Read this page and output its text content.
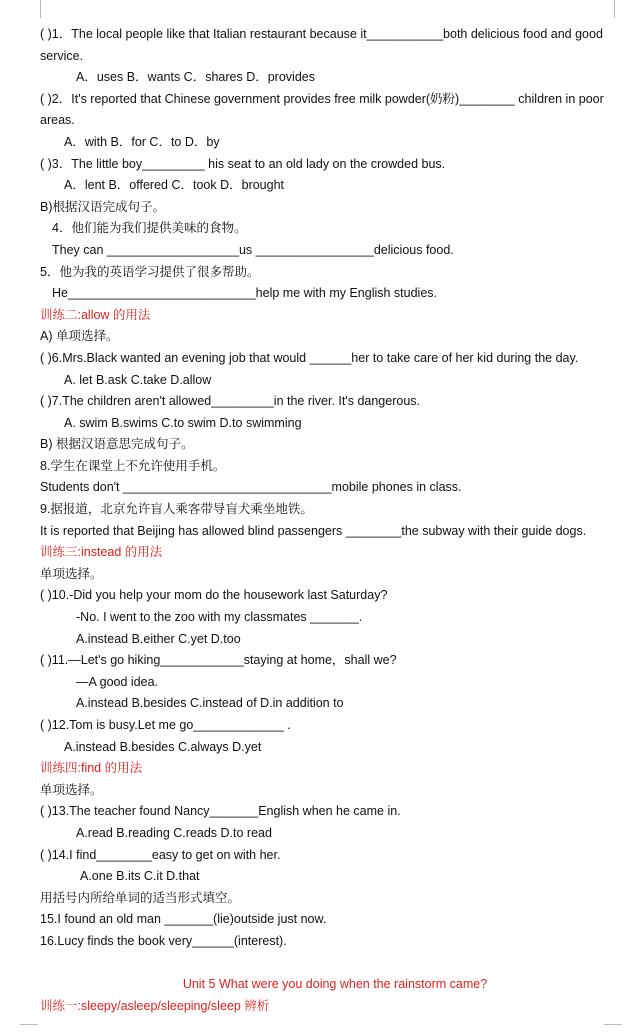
( )1．The local people like that Italian restaurant because it___________both delicious food and good
service.
A．uses B．wants C．shares D．provides
( )2．It's reported that Chinese government provides free milk powder(奶粉)________ children in poor
areas.
A．with B．for C．to D．by
( )3．The little boy_________ his seat to an old lady on the crowded bus.
A．lent B．offered C．took D．brought
B)根据汉语完成句子。
4．他们能为我们提供美味的食物。
They can ___________________us _________________delicious food.
5．他为我的英语学习提供了很多帮助。
He___________________________help me with my English studies.
训练二:allow 的用法
A) 单项选择。
( )6.Mrs.Black wanted an evening job that would ______her to take care of her kid during the day.
A. let B.ask C.take D.allow
( )7.The children aren't allowed_________in the river. It's dangerous.
A. swim B.swims C.to swim D.to swimming
B) 根据汉语意思完成句子。
8.学生在课堂上不允许使用手机。
Students don't ______________________________mobile phones in class.
9.据报道，北京允许盲人乘客带导盲犬乘坐地铁。
It is reported that Beijing has allowed blind passengers ________the subway with their guide dogs.
训练三:instead 的用法
单项选择。
( )10.-Did you help your mom do the housework last Saturday?
-No. I went to the zoo with my classmates _______.
A.instead B.either C.yet D.too
( )11.—Let's go hiking____________staying at home，shall we?
—A good idea.
A.instead B.besides C.instead of D.in addition to
( )12.Tom is busy.Let me go_____________ .
A.instead B.besides C.always D.yet
训练四:find 的用法
单项选择。
( )13.The teacher found Nancy_______English when he came in.
A.read B.reading C.reads D.to read
( )14.I find________easy to get on with her.
A.one B.its C.it D.that
用括号内所给单词的适当形式填空。
15.I found an old man _______(lie)outside just now.
16.Lucy finds the book very______(interest).
Unit 5 What were you doing when the rainstorm came?
训练一:sleepy/asleep/sleeping/sleep 辨析
